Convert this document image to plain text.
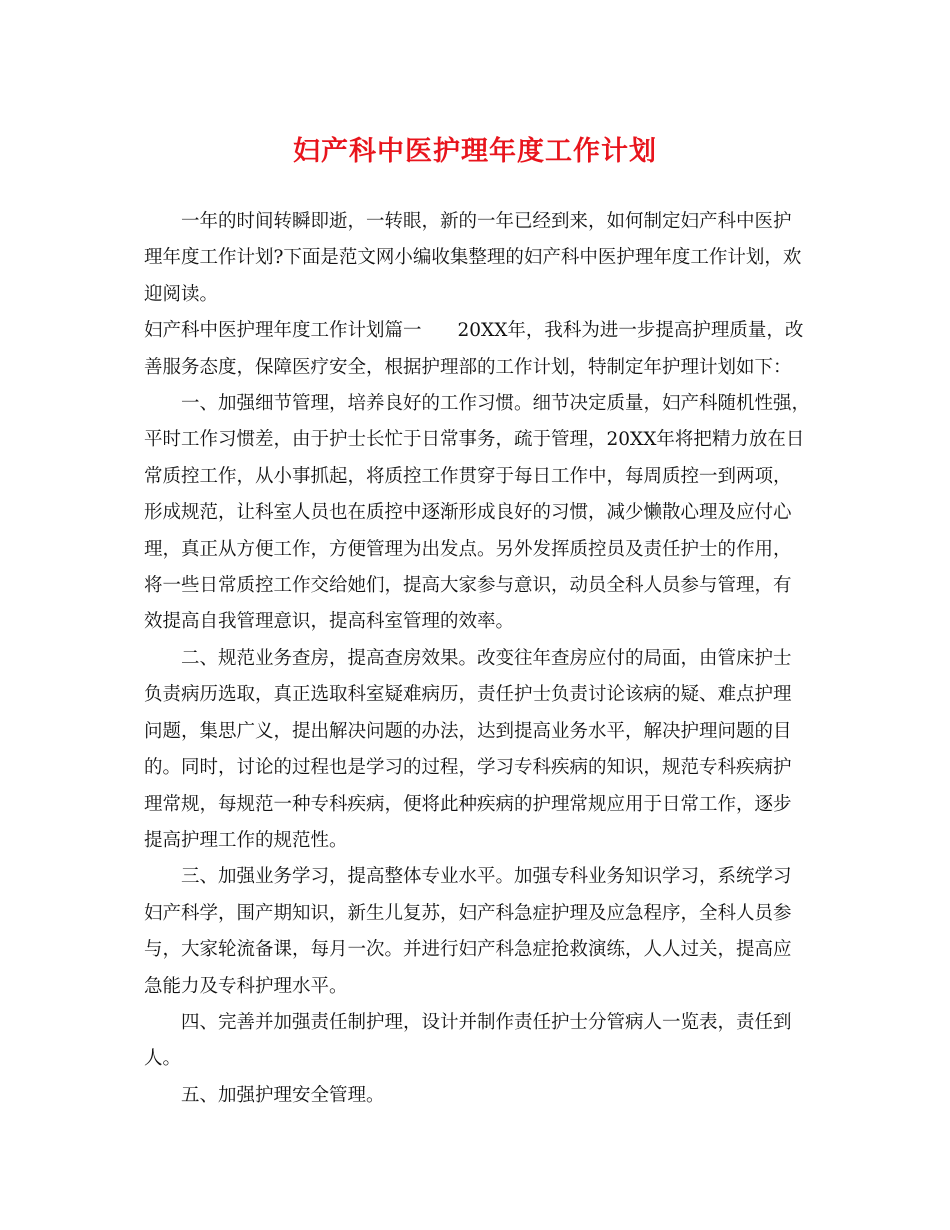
妇产科中医护理年度工作计划

一年的时间转瞬即逝，一转眼，新的一年已经到来，如何制定妇产科中医护
理年度工作计划?下面是范文网小编收集整理的妇产科中医护理年度工作计划，欢
迎阅读。

妇产科中医护理年度工作计划篇一 20XX年，我科为进一步提高护理质量，改
善服务态度，保障医疗安全，根据护理部的工作计划，特制定年护理计划如下：

一、加强细节管理，培养良好的工作习惯。细节决定质量，妇产科随机性强，
平时工作习惯差，由于护士长忙于日常事务，疏于管理，20XX年将把精力放在日
常质控工作，从小事抓起，将质控工作贯穿于每日工作中，每周质控一到两项，
形成规范，让科室人员也在质控中逐渐形成良好的习惯，减少懒散心理及应付心
理，真正从方便工作，方便管理为出发点。另外发挥质控员及责任护士的作用，
将一些日常质控工作交给她们，提高大家参与意识，动员全科人员参与管理，有
效提高自我管理意识，提高科室管理的效率。

二、规范业务查房，提高查房效果。改变往年查房应付的局面，由管床护士
负责病历选取，真正选取科室疑难病历，责任护士负责讨论该病的疑、难点护理
问题，集思广义，提出解决问题的办法，达到提高业务水平，解决护理问题的目
的。同时，讨论的过程也是学习的过程，学习专科疾病的知识，规范专科疾病护
理常规，每规范一种专科疾病，便将此种疾病的护理常规应用于日常工作，逐步
提高护理工作的规范性。

三、加强业务学习，提高整体专业水平。加强专科业务知识学习，系统学习
妇产科学，围产期知识，新生儿复苏，妇产科急症护理及应急程序，全科人员参
与，大家轮流备课，每月一次。并进行妇产科急症抢救演练，人人过关，提高应
急能力及专科护理水平。

四、完善并加强责任制护理，设计并制作责任护士分管病人一览表，责任到
人。

五、加强护理安全管理。
